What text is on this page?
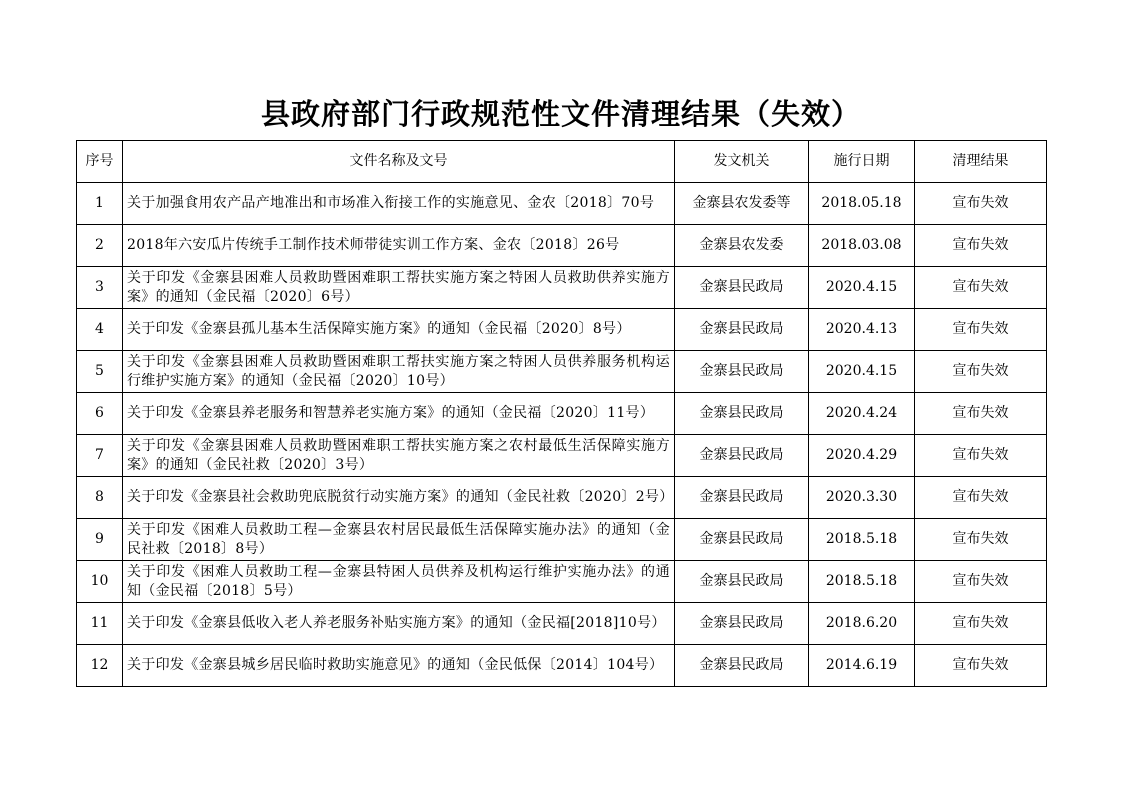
县政府部门行政规范性文件清理结果（失效）
序号	文件名称及文号	发文机关	施行日期	清理结果
1	关于加强食用农产品产地准出和市场准入衔接工作的实施意见、金农〔2018〕70号	金寨县农发委等	2018.05.18	宣布失效
2	2018年六安瓜片传统手工制作技术师带徒实训工作方案、金农〔2018〕26号	金寨县农发委	2018.03.08	宣布失效
3	关于印发《金寨县困难人员救助暨困难职工帮扶实施方案之特困人员救助供养实施方案》的通知（金民福〔2020〕6号）	金寨县民政局	2020.4.15	宣布失效
4	关于印发《金寨县孤儿基本生活保障实施方案》的通知（金民福〔2020〕8号）	金寨县民政局	2020.4.13	宣布失效
5	关于印发《金寨县困难人员救助暨困难职工帮扶实施方案之特困人员供养服务机构运行维护实施方案》的通知（金民福〔2020〕10号）	金寨县民政局	2020.4.15	宣布失效
6	关于印发《金寨县养老服务和智慧养老实施方案》的通知（金民福〔2020〕11号）	金寨县民政局	2020.4.24	宣布失效
7	关于印发《金寨县困难人员救助暨困难职工帮扶实施方案之农村最低生活保障实施方案》的通知（金民社救〔2020〕3号）	金寨县民政局	2020.4.29	宣布失效
8	关于印发《金寨县社会救助兜底脱贫行动实施方案》的通知（金民社救〔2020〕2号）	金寨县民政局	2020.3.30	宣布失效
9	关于印发《困难人员救助工程—金寨县农村居民最低生活保障实施办法》的通知（金民社救〔2018〕8号）	金寨县民政局	2018.5.18	宣布失效
10	关于印发《困难人员救助工程—金寨县特困人员供养及机构运行维护实施办法》的通知（金民福〔2018〕5号）	金寨县民政局	2018.5.18	宣布失效
11	关于印发《金寨县低收入老人养老服务补贴实施方案》的通知（金民福[2018]10号）	金寨县民政局	2018.6.20	宣布失效
12	关于印发《金寨县城乡居民临时救助实施意见》的通知（金民低保〔2014〕104号）	金寨县民政局	2014.6.19	宣布失效
